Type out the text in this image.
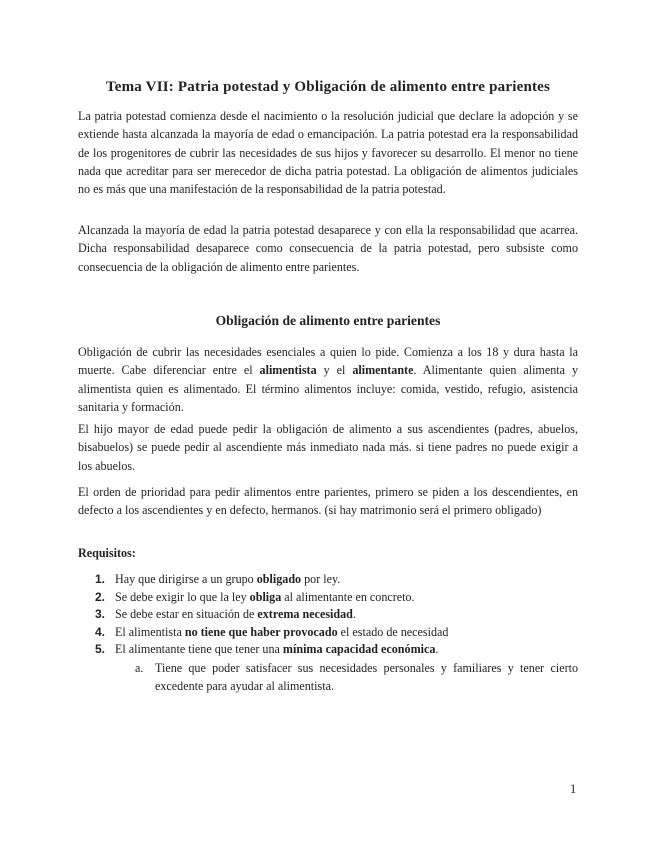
Tema VII: Patria potestad y Obligación de alimento entre parientes

La patria potestad comienza desde el nacimiento o la resolución judicial que declare la adopción y se extiende hasta alcanzada la mayoría de edad o emancipación. La patria potestad era la responsabilidad de los progenitores de cubrir las necesidades de sus hijos y favorecer su desarrollo. El menor no tiene nada que acreditar para ser merecedor de dicha patria potestad. La obligación de alimentos judiciales no es más que una manifestación de la responsabilidad de la patria potestad.

Alcanzada la mayoría de edad la patria potestad desaparece y con ella la responsabilidad que acarrea. Dicha responsabilidad desaparece como consecuencia de la patria potestad, pero subsiste como consecuencia de la obligación de alimento entre parientes.

Obligación de alimento entre parientes

Obligación de cubrir las necesidades esenciales a quien lo pide. Comienza a los 18 y dura hasta la muerte. Cabe diferenciar entre el alimentista y el alimentante. Alimentante quien alimenta y alimentista quien es alimentado. El término alimentos incluye: comida, vestido, refugio, asistencia sanitaria y formación.

El hijo mayor de edad puede pedir la obligación de alimento a sus ascendientes (padres, abuelos, bisabuelos) se puede pedir al ascendiente más inmediato nada más. si tiene padres no puede exigir a los abuelos.

El orden de prioridad para pedir alimentos entre parientes, primero se piden a los descendientes, en defecto a los ascendientes y en defecto, hermanos. (si hay matrimonio será el primero obligado)

Requisitos:
1. Hay que dirigirse a un grupo obligado por ley.
2. Se debe exigir lo que la ley obliga al alimentante en concreto.
3. Se debe estar en situación de extrema necesidad.
4. El alimentista no tiene que haber provocado el estado de necesidad
5. El alimentante tiene que tener una mínima capacidad económica.
a. Tiene que poder satisfacer sus necesidades personales y familiares y tener cierto excedente para ayudar al alimentista.
1
